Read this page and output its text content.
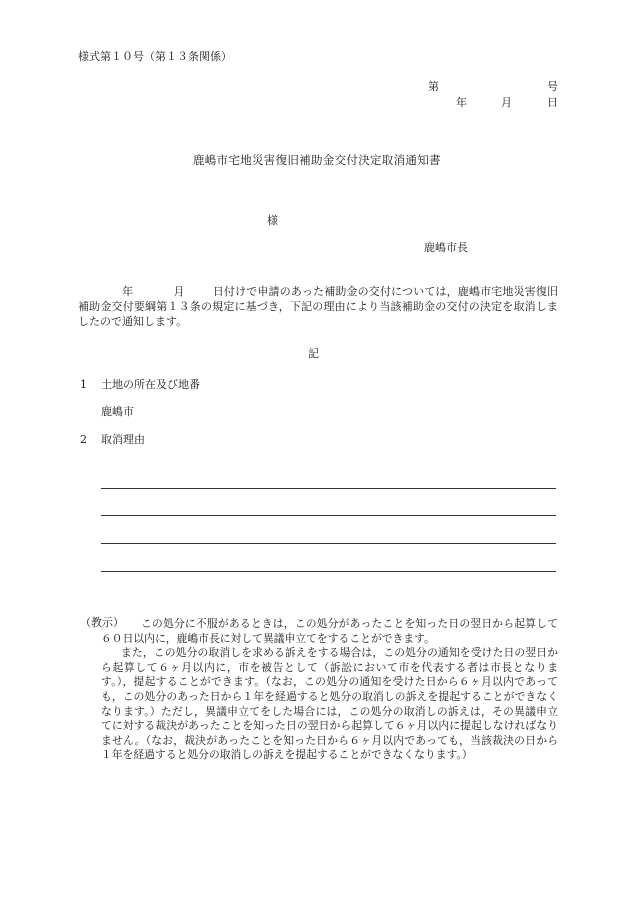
様式第１０号（第１３条関係）
第	号
年	月	日
鹿嶋市宅地災害復旧補助金交付決定取消通知書
様
鹿嶋市長
年	月	日付けで申請のあった補助金の交付については，鹿嶋市宅地災害復旧補助金交付要綱第１３条の規定に基づき，下記の理由により当該補助金の交付の決定を取消しましたので通知します。
記
1 土地の所在及び地番
鹿嶋市
2 取消理由
（教示）	この処分に不服があるときは，この処分があったことを知った日の翌日から起算して６０日以内に，鹿嶋市長に対して異議申立てをすることができます。

また，この処分の取消しを求める訴えをする場合は，この処分の通知を受けた日の翌日から起算して６ヶ月以内に，市を被告として（訴訟において市を代表する者は市長となります。），提起することができます。（なお，この処分の通知を受けた日から６ヶ月以内であっても，この処分のあった日から１年を経過すると処分の取消しの訴えを提起することができなくなります。）ただし，異議申立てをした場合には，この処分の取消しの訴えは，その異議申立てに対する裁決があったことを知った日の翌日から起算して６ヶ月以内に提起しなければなりません。（なお，裁決があったことを知った日から６ヶ月以内であっても，当該裁決の日から１年を経過すると処分の取消しの訴えを提起することができなくなります。）
